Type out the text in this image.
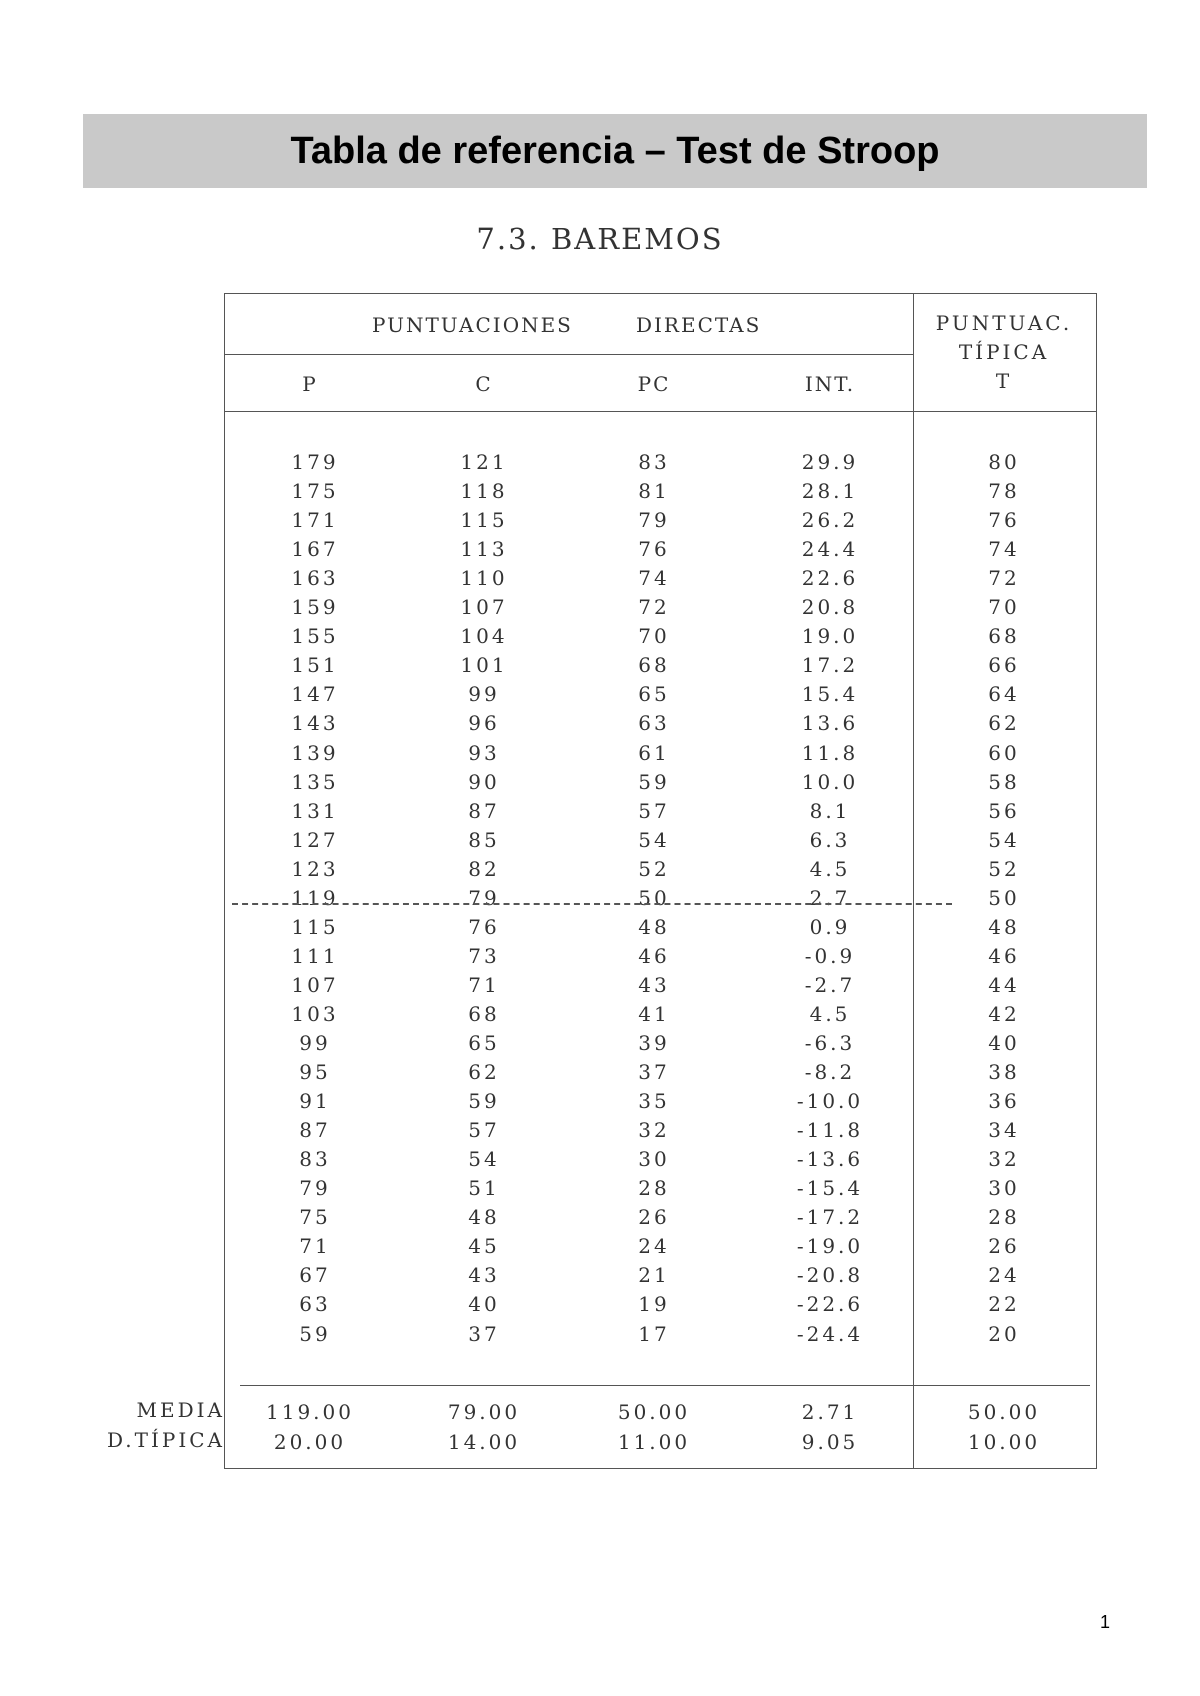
Tabla de referencia – Test de Stroop
7.3. BAREMOS
PUNTUACIONES	DIRECTAS	PUNTUAC.
TÍPICA
T
P	C	PC	INT.
179	121	83	29.9	80
175	118	81	28.1	78
171	115	79	26.2	76
167	113	76	24.4	74
163	110	74	22.6	72
159	107	72	20.8	70
155	104	70	19.0	68
151	101	68	17.2	66
147	99	65	15.4	64
143	96	63	13.6	62
139	93	61	11.8	60
135	90	59	10.0	58
131	87	57	8.1	56
127	85	54	6.3	54
123	82	52	4.5	52
119	79	50	2.7	50
115	76	48	0.9	48
111	73	46	-0.9	46
107	71	43	-2.7	44
103	68	41	4.5	42
99	65	39	-6.3	40
95	62	37	-8.2	38
91	59	35	-10.0	36
87	57	32	-11.8	34
83	54	30	-13.6	32
79	51	28	-15.4	30
75	48	26	-17.2	28
71	45	24	-19.0	26
67	43	21	-20.8	24
63	40	19	-22.6	22
59	37	17	-24.4	20
MEDIA	119.00	79.00	50.00	2.71	50.00
D.TÍPICA	20.00	14.00	11.00	9.05	10.00
1
